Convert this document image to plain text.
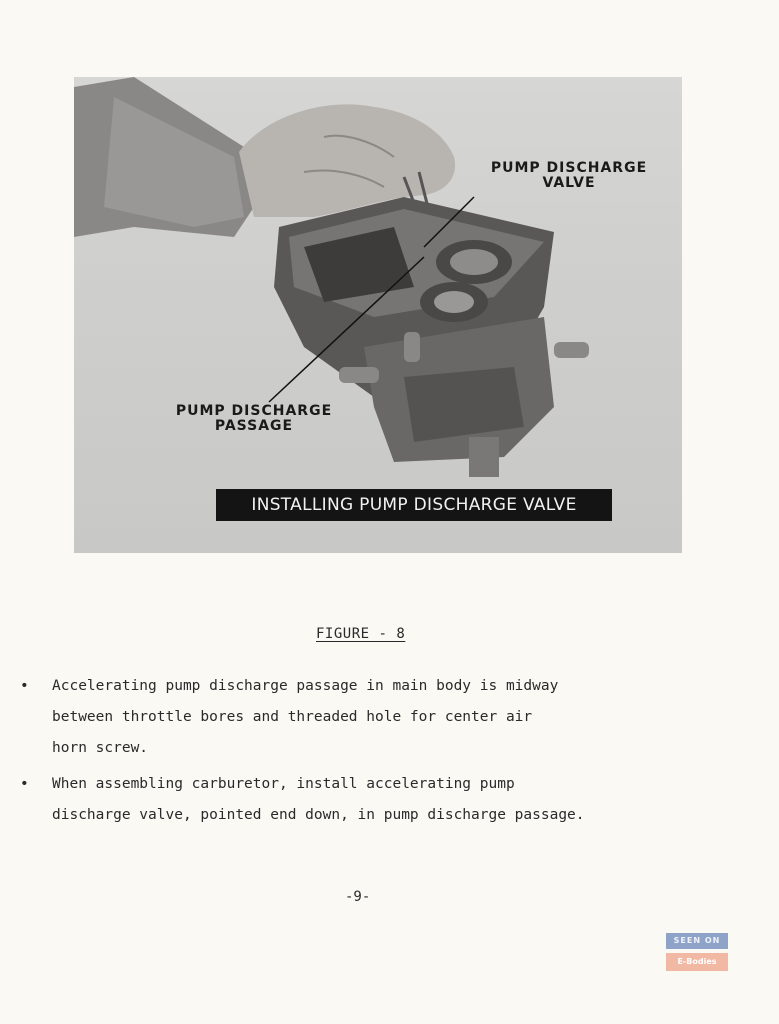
PUMP DISCHARGE
VALVE
PUMP DISCHARGE
PASSAGE
INSTALLING PUMP DISCHARGE VALVE
FIGURE - 8
• Accelerating pump discharge passage in main body is midway
between throttle bores and threaded hole for center air
horn screw.
• When assembling carburetor, install accelerating pump
discharge valve, pointed end down, in pump discharge passage.
-9-
SEEN ON
E-Bodies
